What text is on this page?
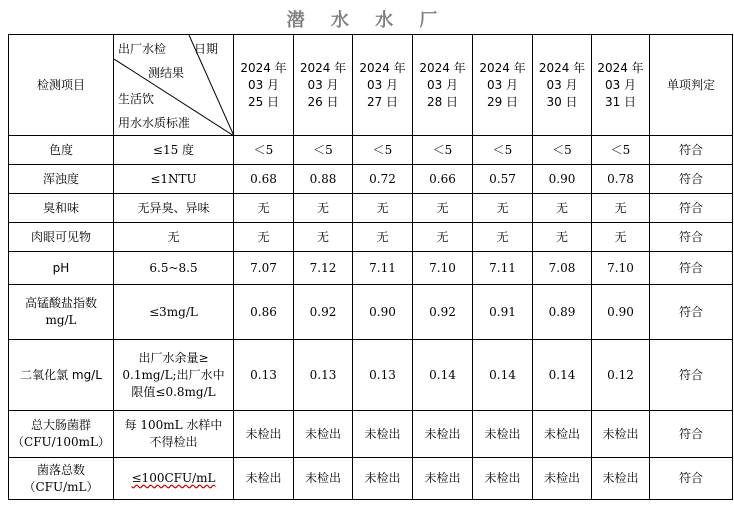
潜 水 水 厂
检测项目	出厂水检 日期
测结果
生活饮
用水水质标准	2024 年
03 月
25 日	2024 年
03 月
26 日	2024 年
03 月
27 日	2024 年
03 月
28 日	2024 年
03 月
29 日	2024 年
03 月
30 日	2024 年
03 月
31 日	单项判定

色度	≤15 度	＜5	＜5	＜5	＜5	＜5	＜5	＜5	符合

浑浊度	≤1NTU	0.68	0.88	0.72	0.66	0.57	0.90	0.78	符合

臭和味	无异臭、异味	无	无	无	无	无	无	无	符合

肉眼可见物	无	无	无	无	无	无	无	无	符合

pH	6.5~8.5	7.07	7.12	7.11	7.10	7.11	7.08	7.10	符合

高锰酸盐指数
mg/L	≤3mg/L	0.86	0.92	0.90	0.92	0.91	0.89	0.90	符合

二氧化氯 mg/L	出厂水余量≥
0.1mg/L;出厂水中
限值≤0.8mg/L	0.13	0.13	0.13	0.14	0.14	0.14	0.12	符合

总大肠菌群
（CFU/100mL）	每 100mL 水样中
不得检出	未检出	未检出	未检出	未检出	未检出	未检出	未检出	符合

菌落总数
（CFU/mL）	≤100CFU/mL	未检出	未检出	未检出	未检出	未检出	未检出	未检出	符合
